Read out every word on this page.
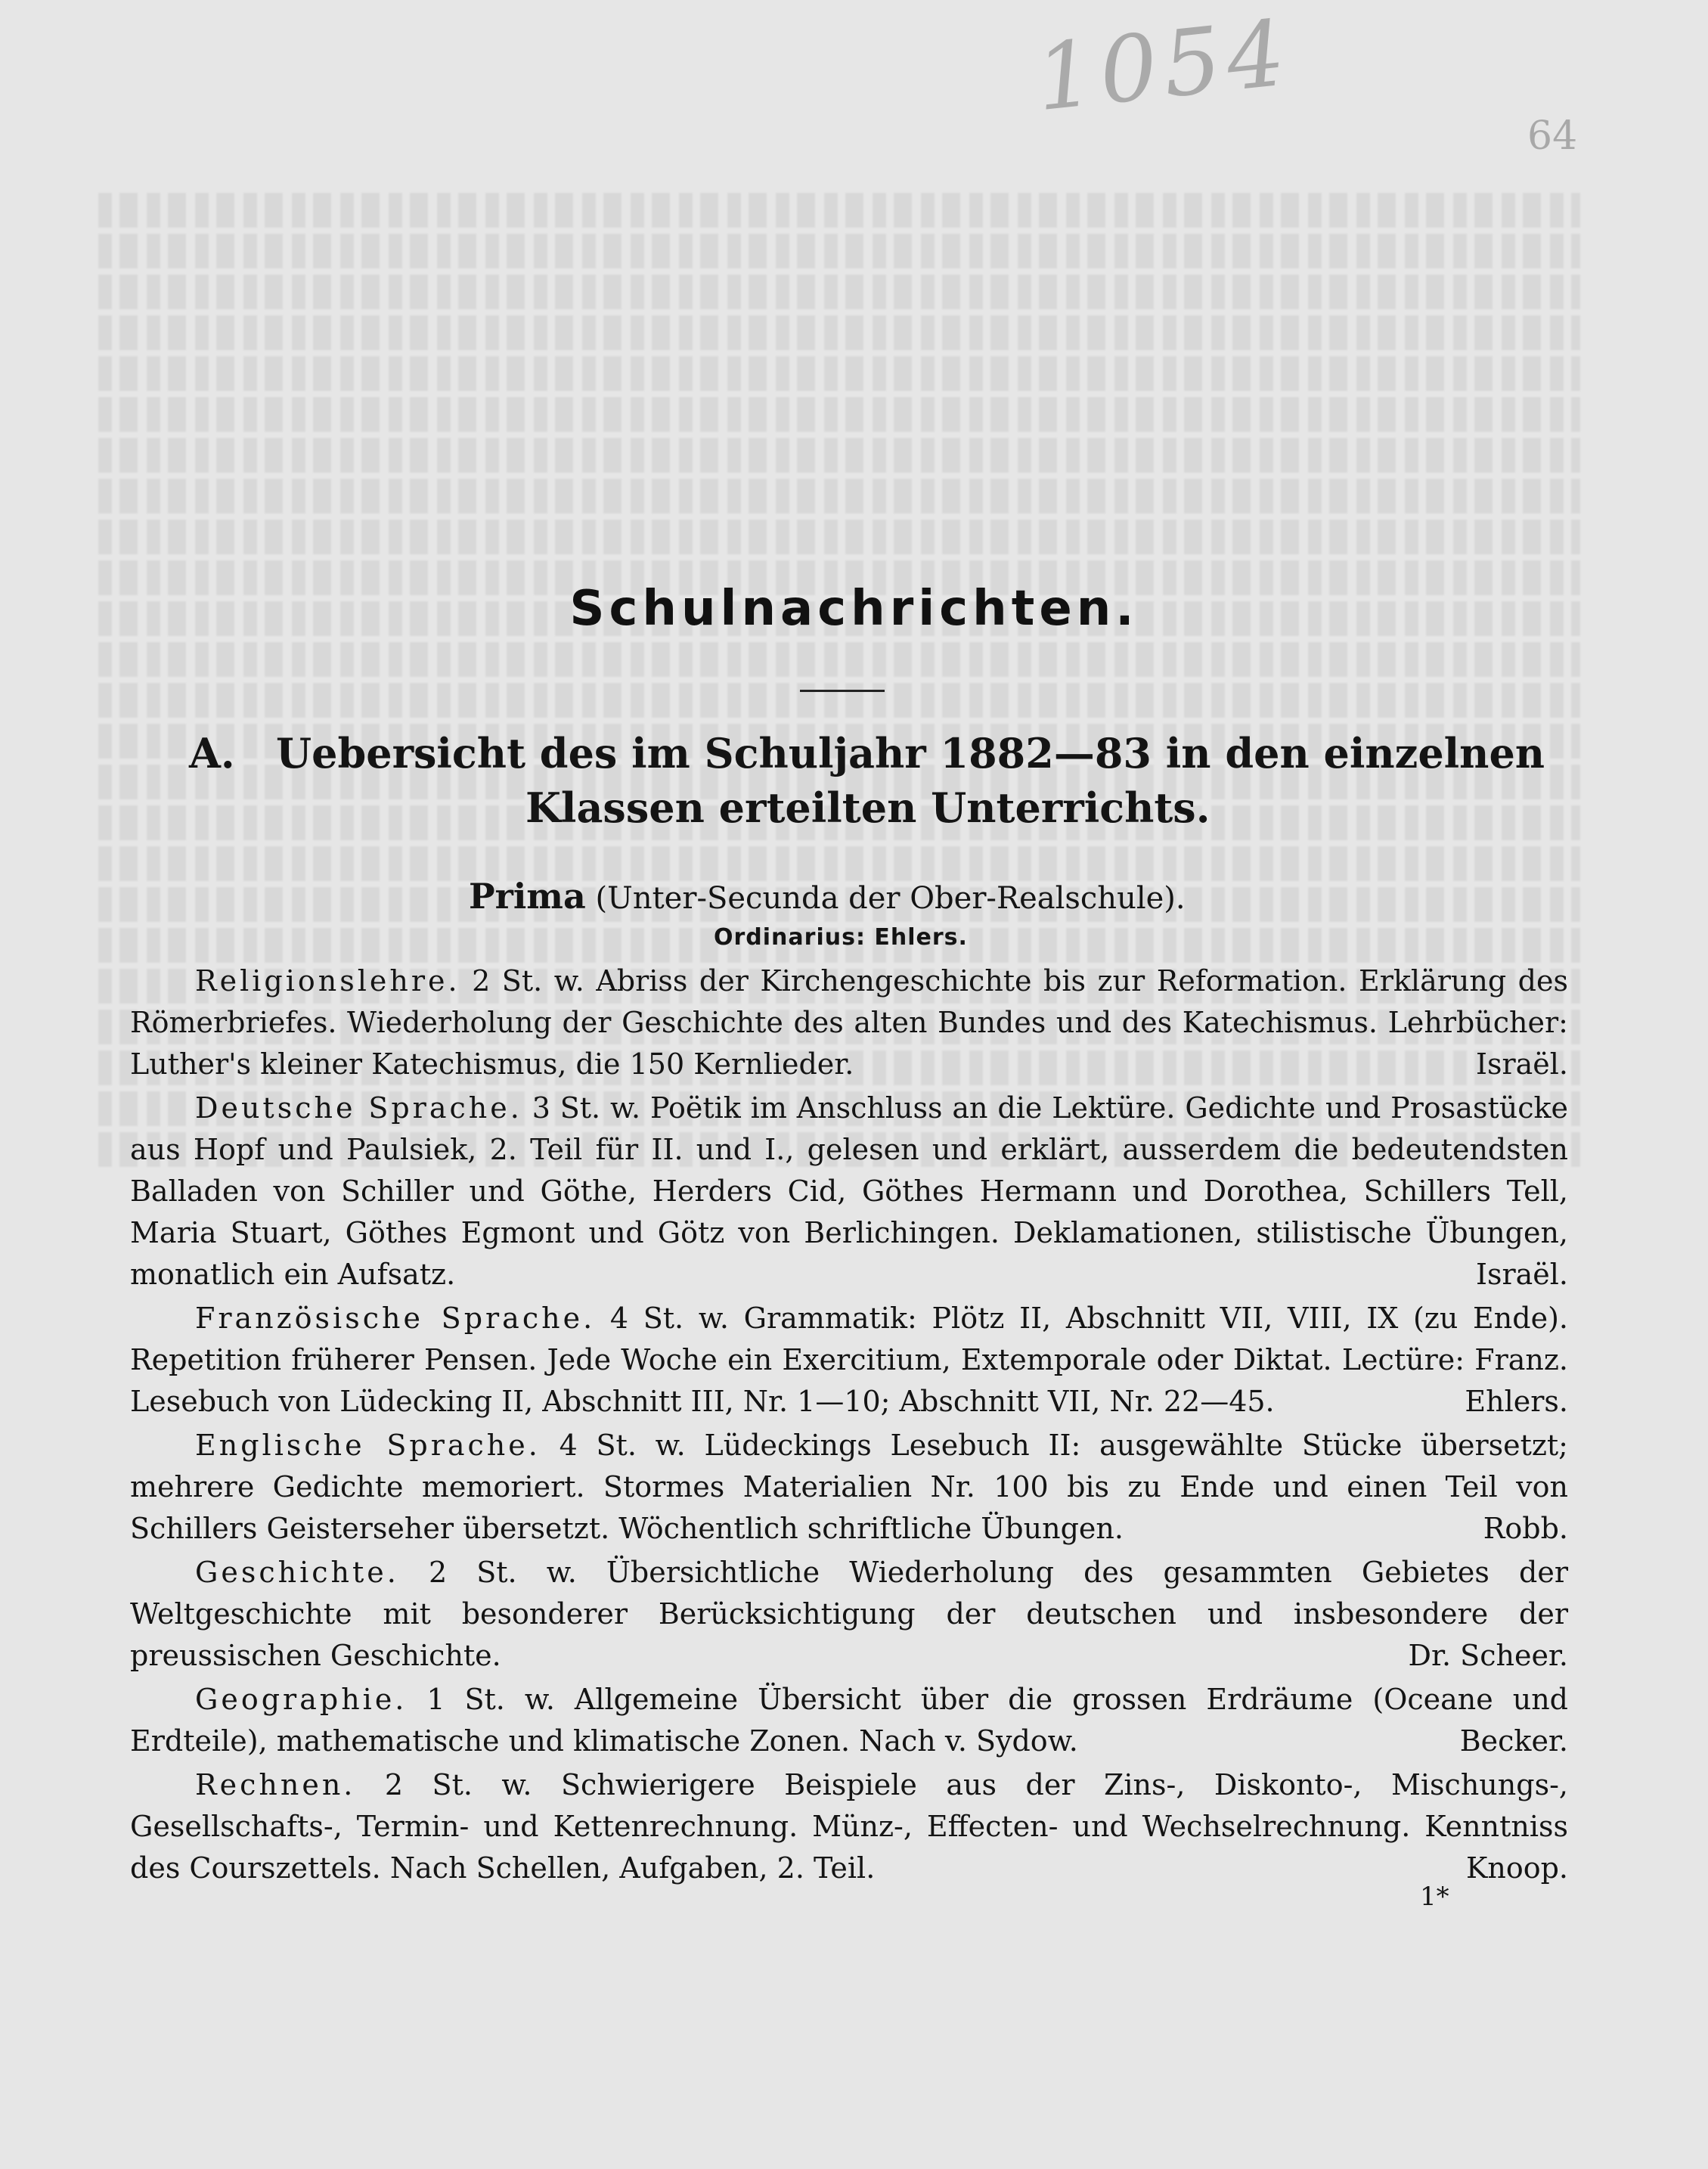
1054
64
Schulnachrichten.
A. Uebersicht des im Schuljahr 1882—83 in den einzelnen
Klassen erteilten Unterrichts.
Prima (Unter-Secunda der Ober-Realschule).
Ordinarius: Ehlers.

Religionslehre. 2 St. w. Abriss der Kirchengeschichte bis zur Reformation. Erklärung des Römerbriefes. Wiederholung der Geschichte des alten Bundes und des Katechismus. Lehrbücher: Luther's kleiner Katechismus, die 150 Kernlieder.	Israël.

Deutsche Sprache. 3 St. w. Poëtik im Anschluss an die Lektüre. Gedichte und Prosastücke aus Hopf und Paulsiek, 2. Teil für II. und I., gelesen und erklärt, ausserdem die bedeutendsten Balladen von Schiller und Göthe, Herders Cid, Göthes Hermann und Dorothea, Schillers Tell, Maria Stuart, Göthes Egmont und Götz von Berlichingen. Deklamationen, stilistische Übungen, monatlich ein Aufsatz.	Israël.

Französische Sprache. 4 St. w. Grammatik: Plötz II, Abschnitt VII, VIII, IX (zu Ende). Repetition früherer Pensen. Jede Woche ein Exercitium, Extemporale oder Diktat. Lectüre: Franz. Lesebuch von Lüdecking II, Abschnitt III, Nr. 1—10; Abschnitt VII, Nr. 22—45.	Ehlers.

Englische Sprache. 4 St. w. Lüdeckings Lesebuch II: ausgewählte Stücke übersetzt; mehrere Gedichte memoriert. Stormes Materialien Nr. 100 bis zu Ende und einen Teil von Schillers Geisterseher übersetzt. Wöchentlich schriftliche Übungen.	Robb.

Geschichte. 2 St. w. Übersichtliche Wiederholung des gesammten Gebietes der Weltgeschichte mit besonderer Berücksichtigung der deutschen und insbesondere der preussischen Geschichte.	Dr. Scheer.

Geographie. 1 St. w. Allgemeine Übersicht über die grossen Erdräume (Oceane und Erdteile), mathematische und klimatische Zonen. Nach v. Sydow.	Becker.

Rechnen. 2 St. w. Schwierigere Beispiele aus der Zins-, Diskonto-, Mischungs-, Gesellschafts-, Termin- und Kettenrechnung. Münz-, Effecten- und Wechselrechnung. Kenntniss des Courszettels. Nach Schellen, Aufgaben, 2. Teil.	Knoop.

1*
